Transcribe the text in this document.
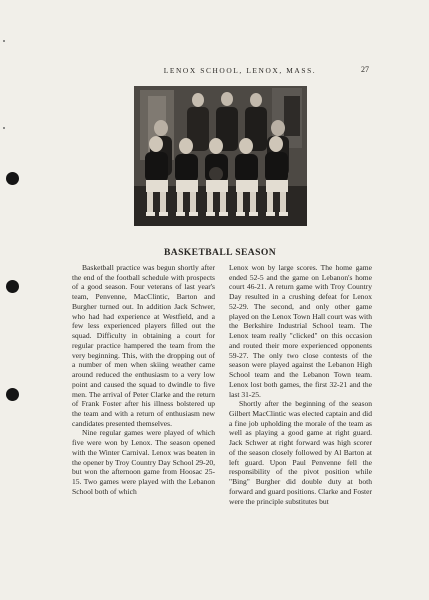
LENOX SCHOOL, LENOX, MASS.	27
BASKETBALL SEASON

Basketball practice was begun shortly after the end of the football schedule with prospects of a good season. Four veterans of last year's team, Penvenne, MacClintic, Barton and Burgher turned out. In addition Jack Schwer, who had had experience at Westfield, and a few less experienced players filled out the squad. Difficulty in obtaining a court for regular practice hampered the team from the very beginning. This, with the dropping out of a number of men when skiing weather came around reduced the enthusiasm to a very low point and caused the squad to dwindle to five men. The arrival of Peter Clarke and the return of Frank Foster after his illness bolstered up the team and with a return of enthusiasm new candidates presented themselves.

Nine regular games were played of which five were won by Lenox. The season opened with the Winter Carnival. Lenox was beaten in the opener by Troy Country Day School 29-20, but won the afternoon game from Hoosac 25-15. Two games were played with the Lebanon School both of which

Lenox won by large scores. The home game ended 52-5 and the game on Lebanon's home court 46-21. A return game with Troy Country Day resulted in a crushing defeat for Lenox 52-29. The second, and only other game played on the Lenox Town Hall court was with the Berkshire Industrial School team. The Lenox team really "clicked" on this occasion and routed their more experienced opponents 59-27. The only two close contests of the season were played against the Lebanon High School team and the Lebanon Town team. Lenox lost both games, the first 32-21 and the last 31-25.

Shortly after the beginning of the season Gilbert MacClintic was elected captain and did a fine job upholding the morale of the team as well as playing a good game at right guard. Jack Schwer at right forward was high scorer of the season closely followed by Al Barton at left guard. Upon Paul Penvenne fell the responsibility of the pivot position while "Bing" Burgher did double duty at both forward and guard positions. Clarke and Foster were the principle substitutes but
